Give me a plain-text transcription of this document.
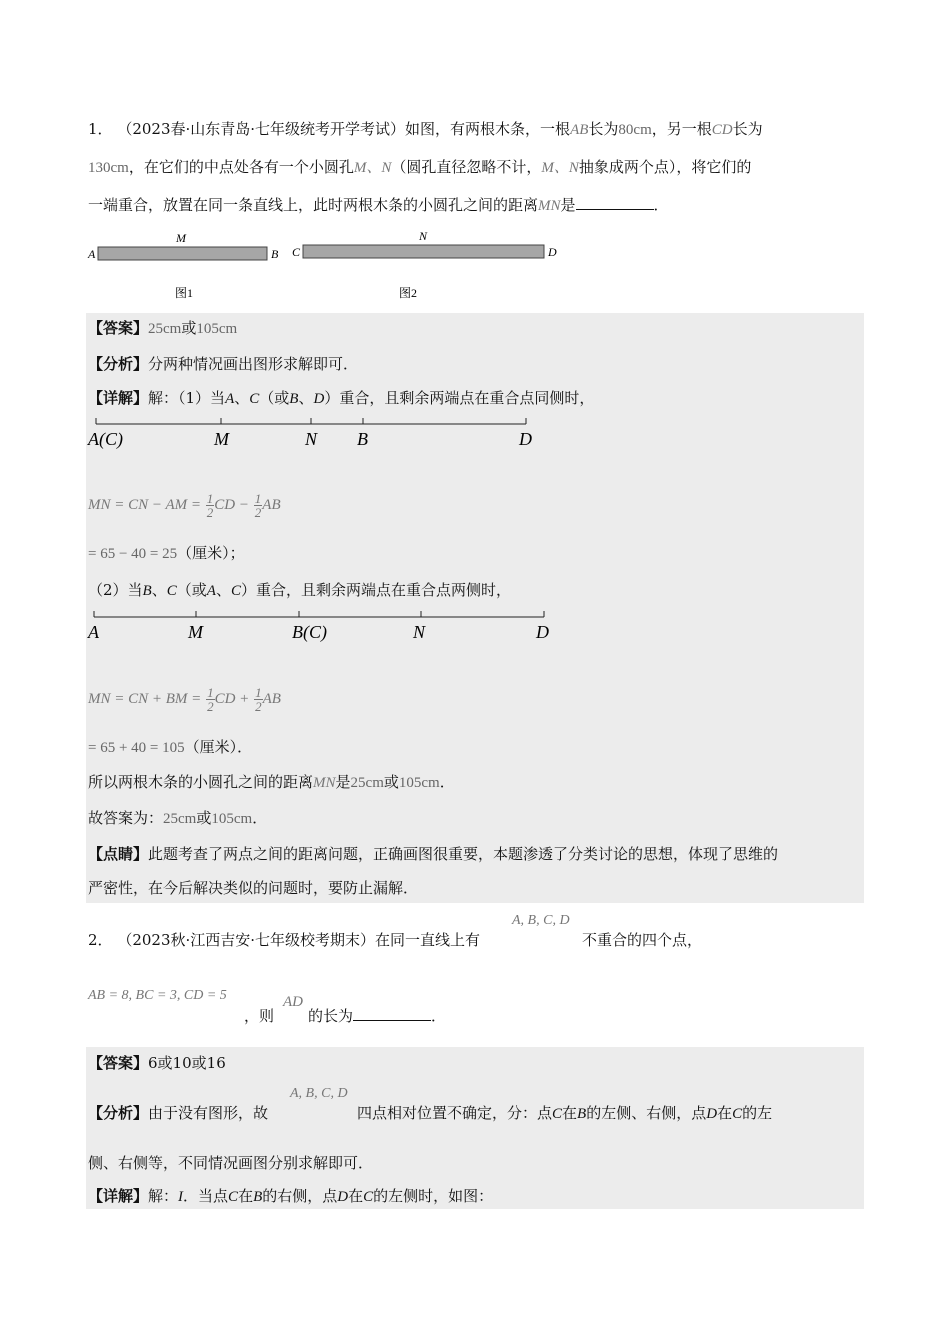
1． （2023春·山东青岛·七年级统考开学考试）如图，有两根木条，一根AB长为80cm，另一根CD长为
130cm，在它们的中点处各有一个小圆孔M、N（圆孔直径忽略不计，M、N抽象成两个点），将它们的
一端重合，放置在同一条直线上，此时两根木条的小圆孔之间的距离MN是	．
A
M
B C
N
D
图1	图2
【答案】25cm或105cm
【分析】分两种情况画出图形求解即可．
【详解】解：（1）当A、C（或B、D）重合，且剩余两端点在重合点同侧时，
A(C)	M	N B	D
MN = CN − AM = $\frac{1}{2}$ CD − $\frac{1}{2}$ AB
= 65 − 40 = 25（厘米）；
（2）当B、C（或A、C）重合，且剩余两端点在重合点两侧时，
A	M	B(C)	N	D
MN = CN + BM = $\frac{1}{2}$ CD + $\frac{1}{2}$ AB
= 65 + 40 = 105（厘米）．
所以两根木条的小圆孔之间的距离MN是25cm或105cm．
故答案为：25cm或105cm．
【点睛】此题考查了两点之间的距离问题，正确画图很重要，本题渗透了分类讨论的思想，体现了思维的
严密性，在今后解决类似的问题时，要防止漏解．
2． （2023秋·江西吉安·七年级校考期末）在同一直线上有
A, B, C, D
不重合的四个点，
AB = 8, BC = 3, CD = 5
，则
AD
的长为	．
【答案】6或10或16
A, B, C, D
【分析】由于没有图形，故	四点相对位置不确定，分：点C在B的左侧、右侧，点D在C的左
侧、右侧等，不同情况画图分别求解即可．
【详解】解：I．当点C在B的右侧，点D在C的左侧时，如图：
